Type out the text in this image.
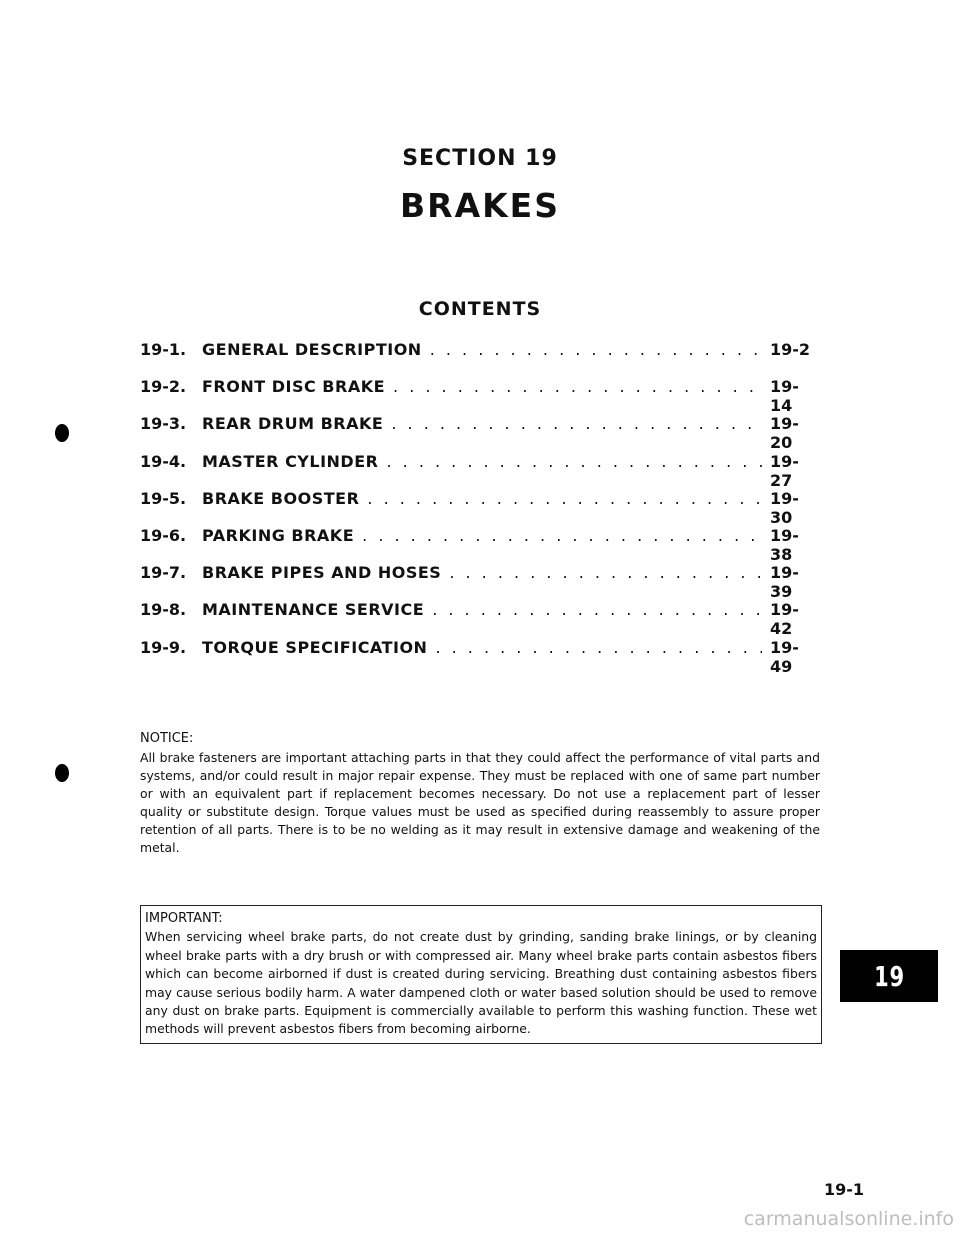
SECTION 19
BRAKES
CONTENTS
19-1. GENERAL DESCRIPTION . . .	19-2
19-2. FRONT DISC BRAKE . . .	19-14
19-3. REAR DRUM BRAKE . . .	19-20
19-4. MASTER CYLINDER . . .	19-27
19-5. BRAKE BOOSTER . . .	19-30
19-6. PARKING BRAKE . . .	19-38
19-7. BRAKE PIPES AND HOSES . . .	19-39
19-8. MAINTENANCE SERVICE . . .	19-42
19-9. TORQUE SPECIFICATION . . .	19-49
NOTICE:
All brake fasteners are important attaching parts in that they could affect the performance of vital parts and systems, and/or could result in major repair expense. They must be replaced with one of same part number or with an equivalent part if replacement becomes necessary. Do not use a replacement part of lesser quality or substitute design. Torque values must be used as specified during reassembly to assure proper retention of all parts. There is to be no welding as it may result in extensive damage and weakening of the metal.
IMPORTANT:
When servicing wheel brake parts, do not create dust by grinding, sanding brake linings, or by cleaning wheel brake parts with a dry brush or with compressed air. Many wheel brake parts contain asbestos fibers which can become airborned if dust is created during servicing. Breathing dust containing asbestos fibers may cause serious bodily harm. A water dampened cloth or water based solution should be used to remove any dust on brake parts. Equipment is commercially available to perform this washing function. These wet methods will prevent asbestos fibers from becoming airborne.
19
19-1
carmanualsonline.info
